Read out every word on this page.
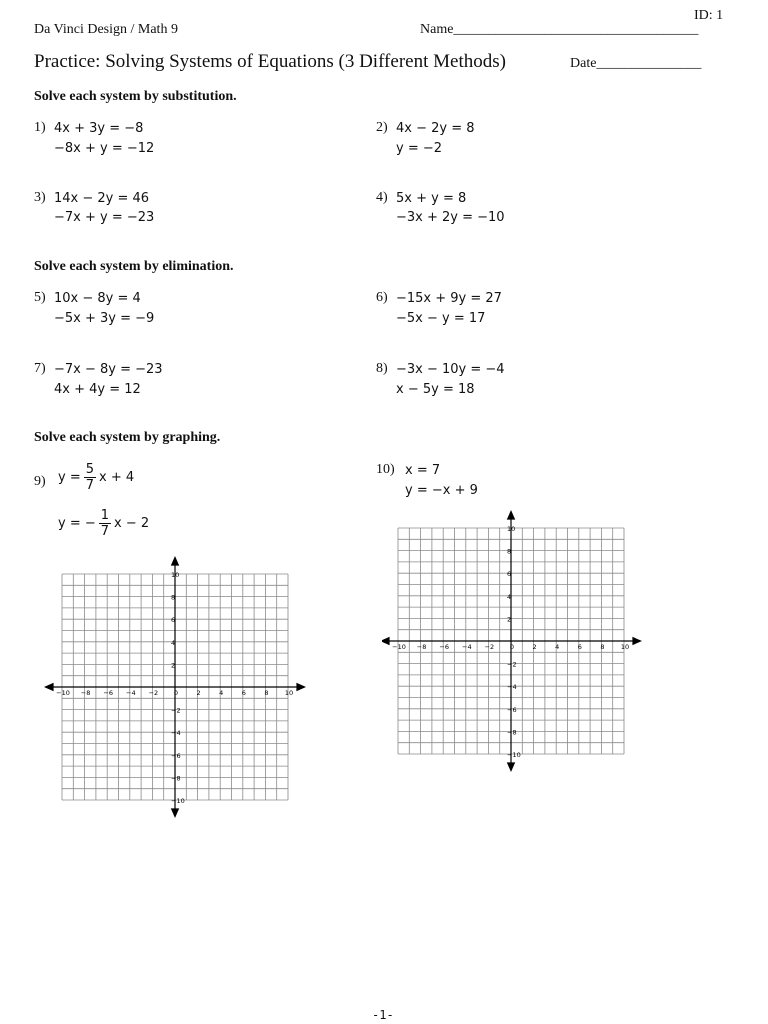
ID: 1
Da Vinci Design / Math 9	Name___________________________________
Practice: Solving Systems of Equations (3 Different Methods)	Date_______________
Solve each system by substitution.
1) 4x + 3y = −8
−8x + y = −12
2) 4x − 2y = 8
y = −2
3) 14x − 2y = 46
−7x + y = −23
4) 5x + y = 8
−3x + 2y = −10
Solve each system by elimination.
5) 10x − 8y = 4
−5x + 3y = −9
6) −15x + 9y = 27
−5x − y = 17
7) −7x − 8y = −23
4x + 4y = 12
8) −3x − 10y = −4
x − 5y = 18
Solve each system by graphing.
9) $y = \frac{5}{7}$ x + 4
y = − $\frac{1}{7}$ x − 2
10) x = 7
y = −x + 9
−10 −8 −6 −4 −2 0	2	4	6	8	10
10
8
6
4
2
−2
−4
−6
−8
−10
−10 −8 −6 −4 −2 0	2	4	6	8	10
10
8
6
4
2
−2
−4
−6
−8
−10
-1-
